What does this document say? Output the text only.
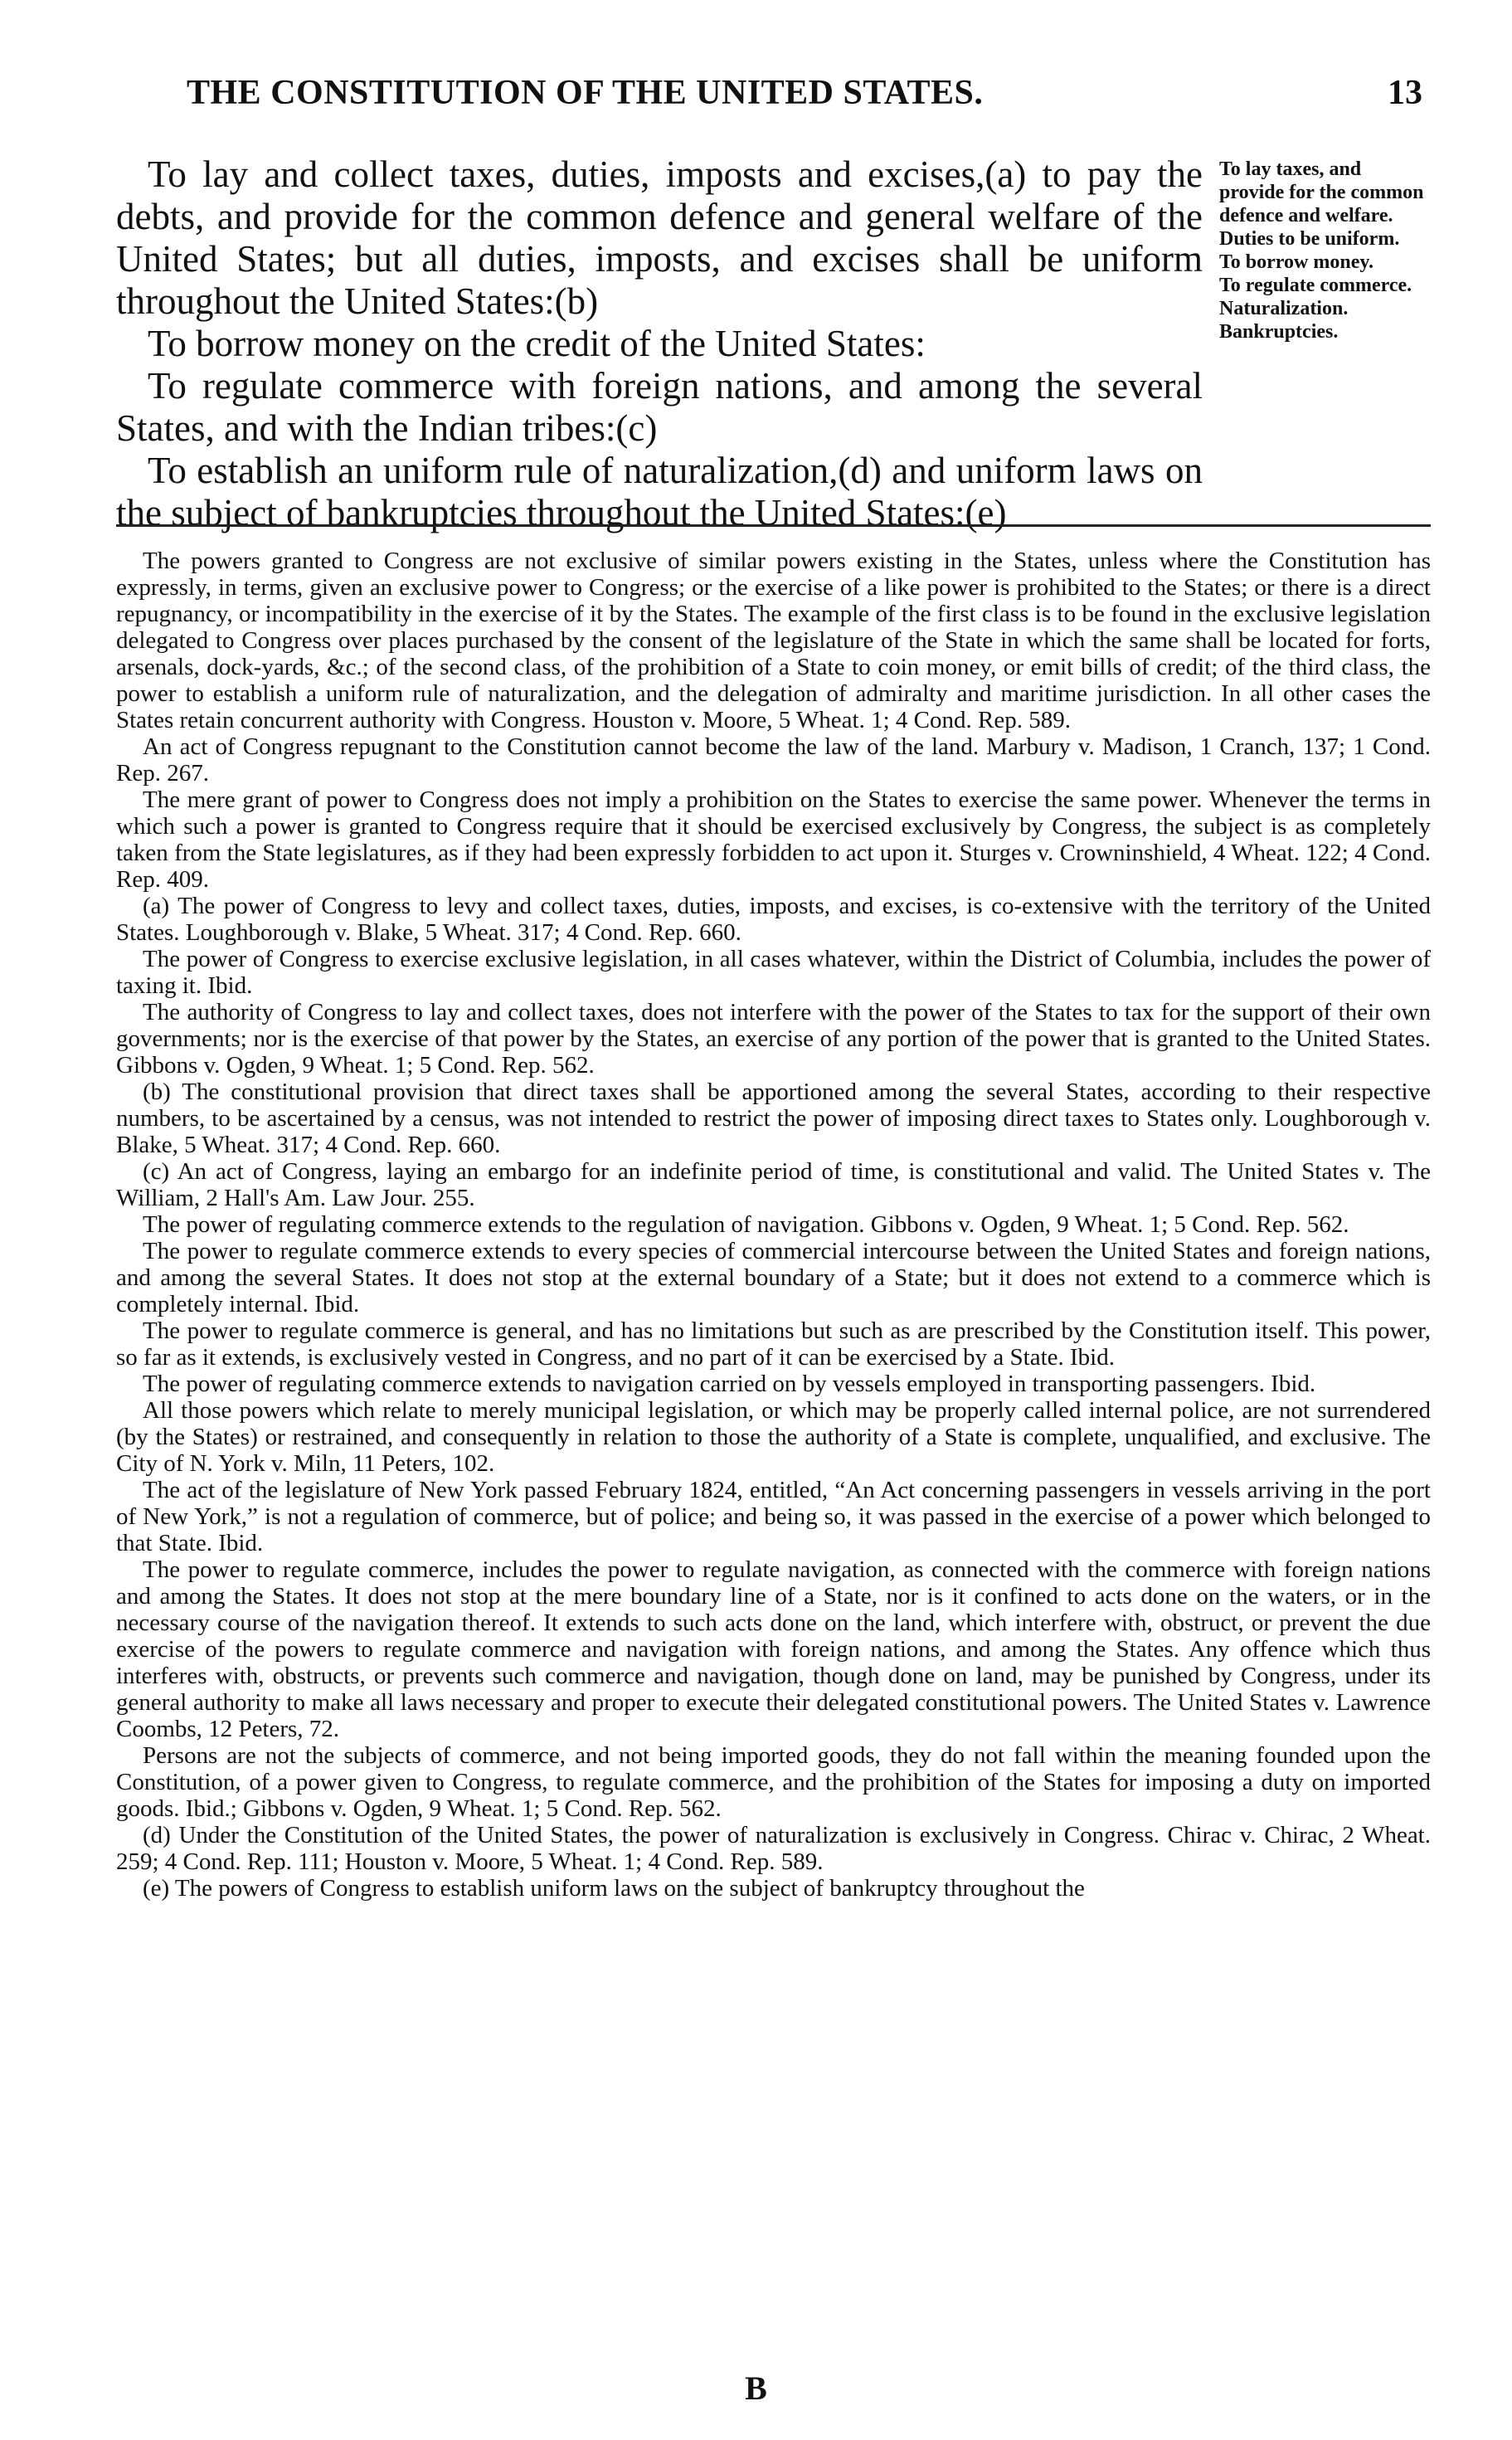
THE CONSTITUTION OF THE UNITED STATES.	13

To lay and collect taxes, duties, imposts and excises,(a) to pay the debts, and provide for the common defence and general welfare of the United States; but all duties, imposts, and excises shall be uniform throughout the United States:(b)

To borrow money on the credit of the United States:

To regulate commerce with foreign nations, and among the several States, and with the Indian tribes:(c)

To establish an uniform rule of naturalization,(d) and uniform laws on the subject of bankruptcies throughout the United States:(e)

To lay taxes, and provide for the common defence and welfare. Duties to be uniform.
To borrow money.
To regulate commerce.
Naturalization.
Bankruptcies.

The powers granted to Congress are not exclusive of similar powers existing in the States, unless where the Constitution has expressly, in terms, given an exclusive power to Congress; or the exercise of a like power is prohibited to the States; or there is a direct repugnancy, or incompatibility in the exercise of it by the States. The example of the first class is to be found in the exclusive legislation delegated to Congress over places purchased by the consent of the legislature of the State in which the same shall be located for forts, arsenals, dock-yards, &c.; of the second class, of the prohibition of a State to coin money, or emit bills of credit; of the third class, the power to establish a uniform rule of naturalization, and the delegation of admiralty and maritime jurisdiction. In all other cases the States retain concurrent authority with Congress. Houston v. Moore, 5 Wheat. 1; 4 Cond. Rep. 589.

An act of Congress repugnant to the Constitution cannot become the law of the land. Marbury v. Madison, 1 Cranch, 137; 1 Cond. Rep. 267.

The mere grant of power to Congress does not imply a prohibition on the States to exercise the same power. Whenever the terms in which such a power is granted to Congress require that it should be exercised exclusively by Congress, the subject is as completely taken from the State legislatures, as if they had been expressly forbidden to act upon it. Sturges v. Crowninshield, 4 Wheat. 122; 4 Cond. Rep. 409.

(a) The power of Congress to levy and collect taxes, duties, imposts, and excises, is co-extensive with the territory of the United States. Loughborough v. Blake, 5 Wheat. 317; 4 Cond. Rep. 660.

The power of Congress to exercise exclusive legislation, in all cases whatever, within the District of Columbia, includes the power of taxing it. Ibid.

The authority of Congress to lay and collect taxes, does not interfere with the power of the States to tax for the support of their own governments; nor is the exercise of that power by the States, an exercise of any portion of the power that is granted to the United States. Gibbons v. Ogden, 9 Wheat. 1; 5 Cond. Rep. 562.

(b) The constitutional provision that direct taxes shall be apportioned among the several States, according to their respective numbers, to be ascertained by a census, was not intended to restrict the power of imposing direct taxes to States only. Loughborough v. Blake, 5 Wheat. 317; 4 Cond. Rep. 660.

(c) An act of Congress, laying an embargo for an indefinite period of time, is constitutional and valid. The United States v. The William, 2 Hall's Am. Law Jour. 255.

The power of regulating commerce extends to the regulation of navigation. Gibbons v. Ogden, 9 Wheat. 1; 5 Cond. Rep. 562.

The power to regulate commerce extends to every species of commercial intercourse between the United States and foreign nations, and among the several States. It does not stop at the external boundary of a State; but it does not extend to a commerce which is completely internal. Ibid.

The power to regulate commerce is general, and has no limitations but such as are prescribed by the Constitution itself. This power, so far as it extends, is exclusively vested in Congress, and no part of it can be exercised by a State. Ibid.

The power of regulating commerce extends to navigation carried on by vessels employed in transporting passengers. Ibid.

All those powers which relate to merely municipal legislation, or which may be properly called internal police, are not surrendered (by the States) or restrained, and consequently in relation to those the authority of a State is complete, unqualified, and exclusive. The City of N. York v. Miln, 11 Peters, 102.

The act of the legislature of New York passed February 1824, entitled, “An Act concerning passengers in vessels arriving in the port of New York,” is not a regulation of commerce, but of police; and being so, it was passed in the exercise of a power which belonged to that State. Ibid.

The power to regulate commerce, includes the power to regulate navigation, as connected with the commerce with foreign nations and among the States. It does not stop at the mere boundary line of a State, nor is it confined to acts done on the waters, or in the necessary course of the navigation thereof. It extends to such acts done on the land, which interfere with, obstruct, or prevent the due exercise of the powers to regulate commerce and navigation with foreign nations, and among the States. Any offence which thus interferes with, obstructs, or prevents such commerce and navigation, though done on land, may be punished by Congress, under its general authority to make all laws necessary and proper to execute their delegated constitutional powers. The United States v. Lawrence Coombs, 12 Peters, 72.

Persons are not the subjects of commerce, and not being imported goods, they do not fall within the meaning founded upon the Constitution, of a power given to Congress, to regulate commerce, and the prohibition of the States for imposing a duty on imported goods. Ibid.; Gibbons v. Ogden, 9 Wheat. 1; 5 Cond. Rep. 562.

(d) Under the Constitution of the United States, the power of naturalization is exclusively in Congress. Chirac v. Chirac, 2 Wheat. 259; 4 Cond. Rep. 111; Houston v. Moore, 5 Wheat. 1; 4 Cond. Rep. 589.

(e) The powers of Congress to establish uniform laws on the subject of bankruptcy throughout the

B
